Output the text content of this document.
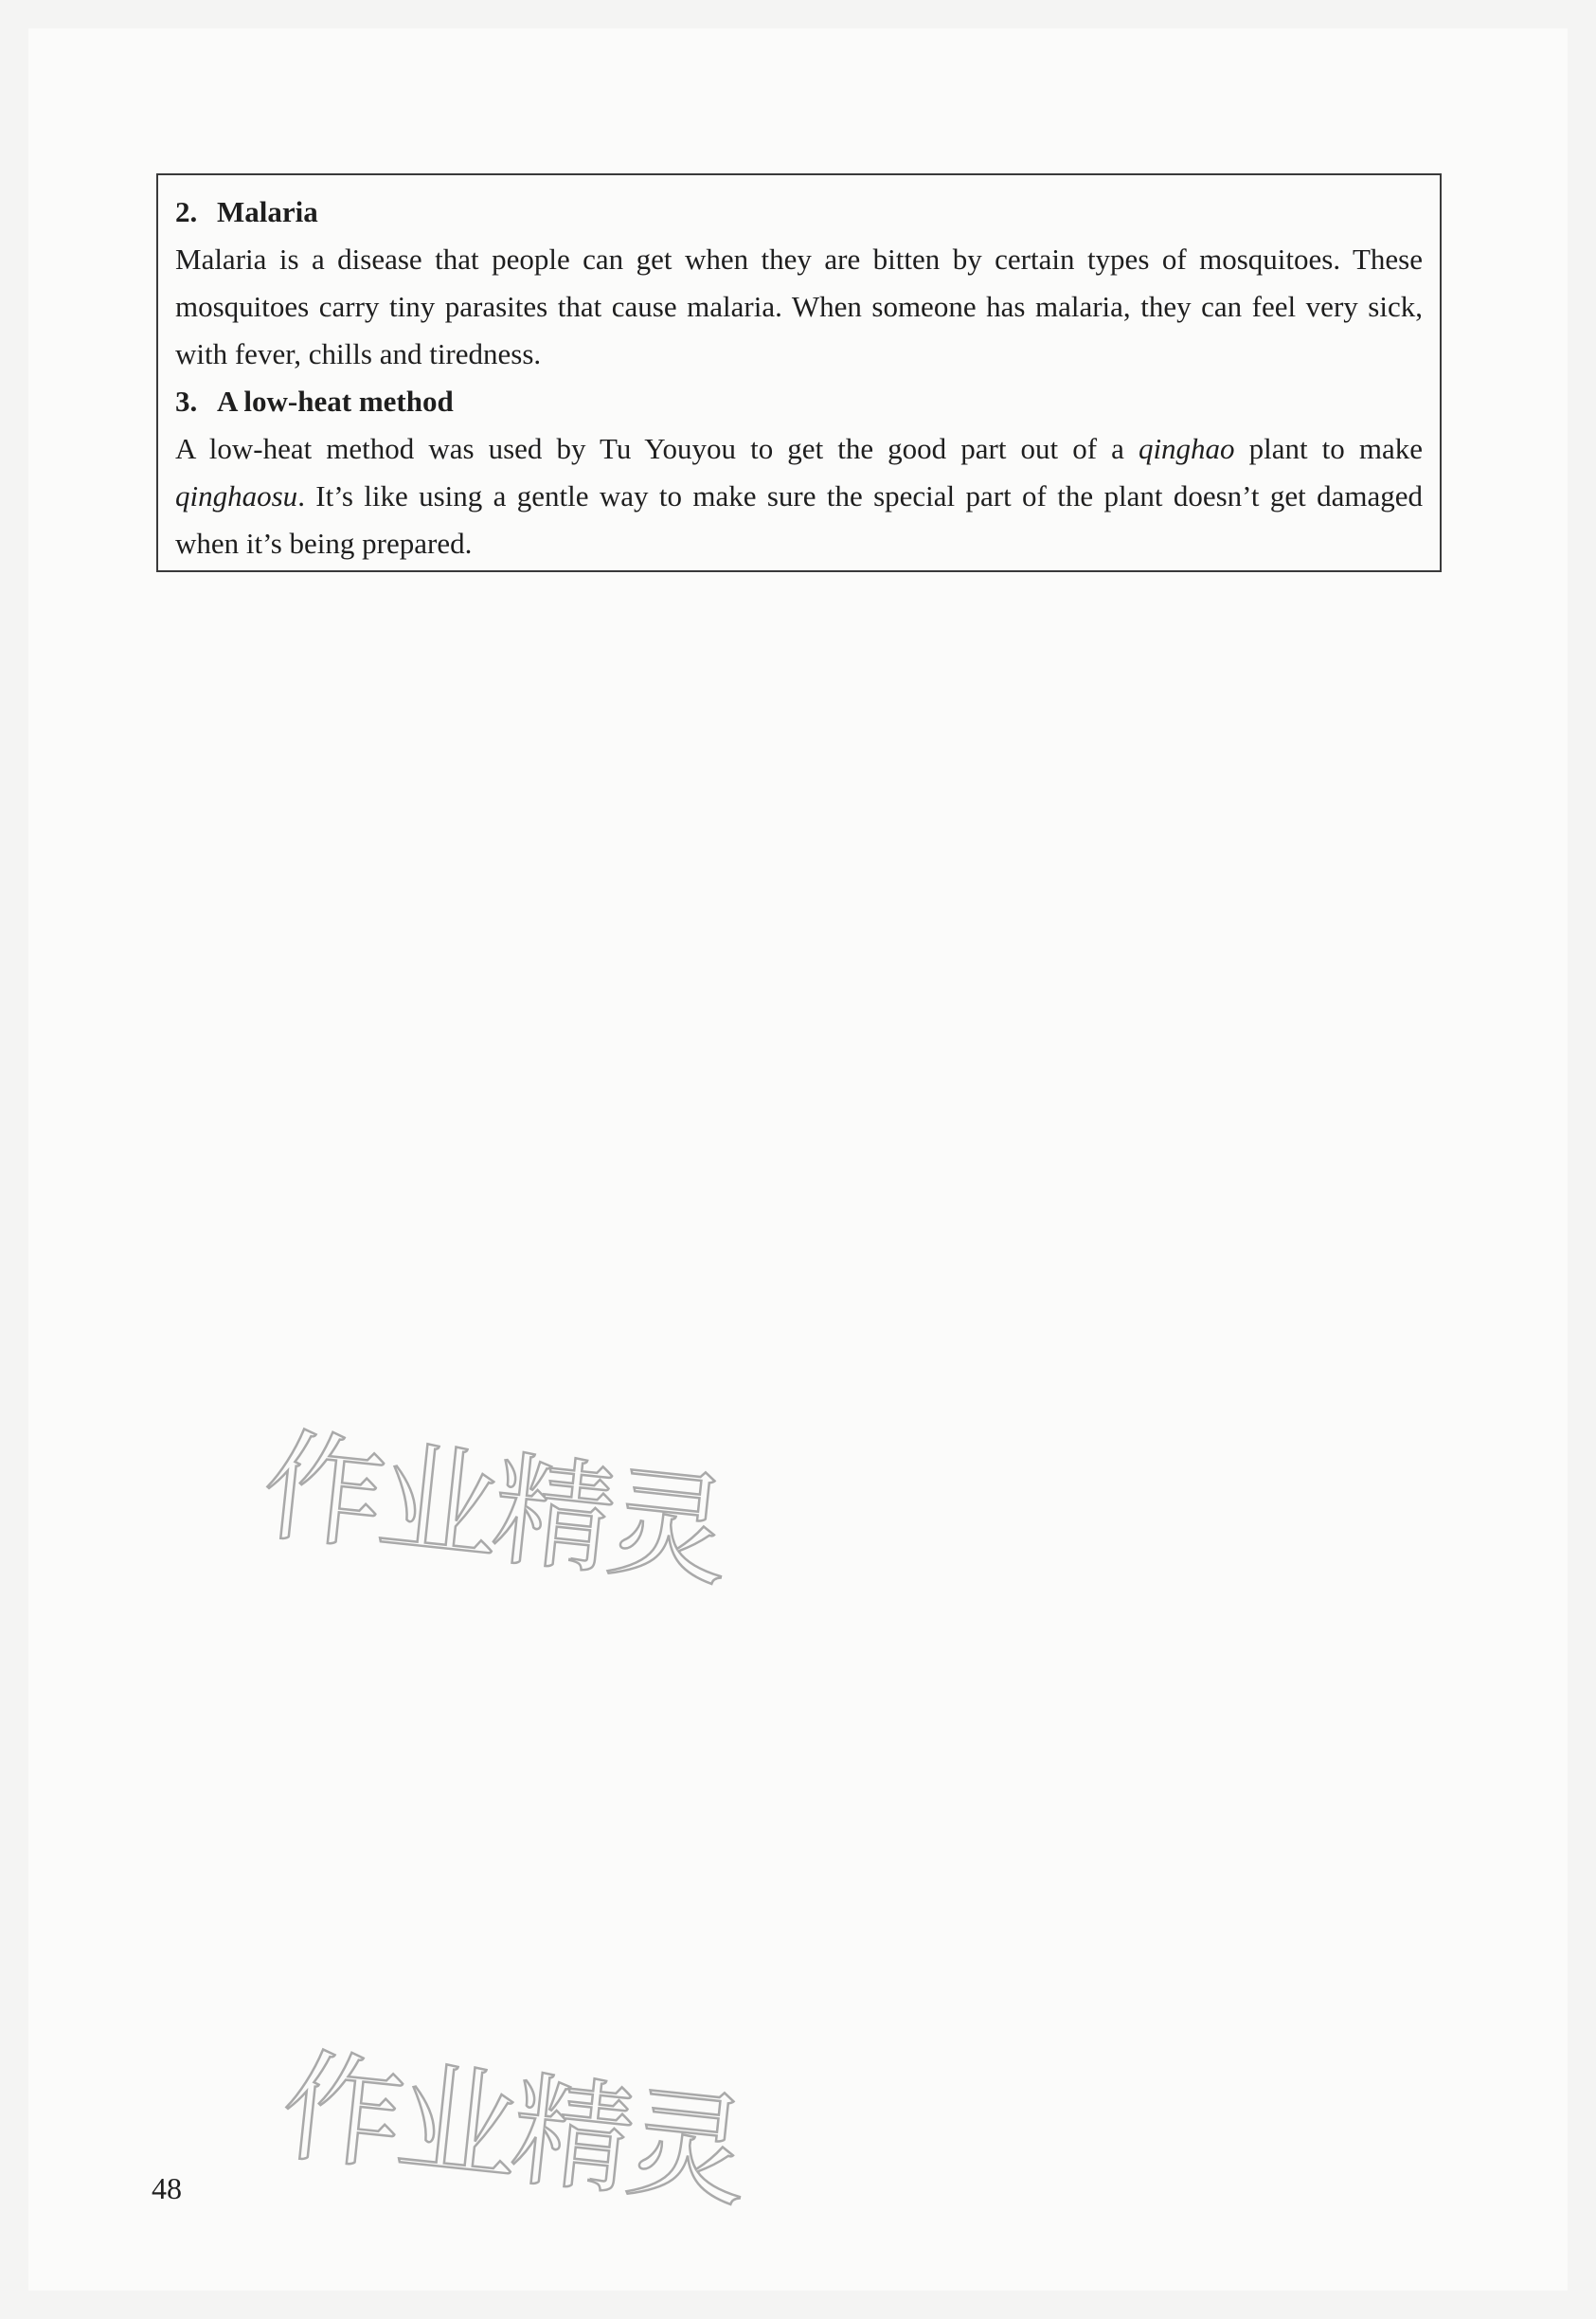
2. Malaria

Malaria is a disease that people can get when they are bitten by certain types of mosquitoes. These mosquitoes carry tiny parasites that cause malaria. When someone has malaria, they can feel very sick, with fever, chills and tiredness.

3. A low-heat method

A low-heat method was used by Tu Youyou to get the good part out of a qinghao plant to make qinghaosu. It’s like using a gentle way to make sure the special part of the plant doesn’t get damaged when it’s being prepared.

作业精灵
作业精灵
48
